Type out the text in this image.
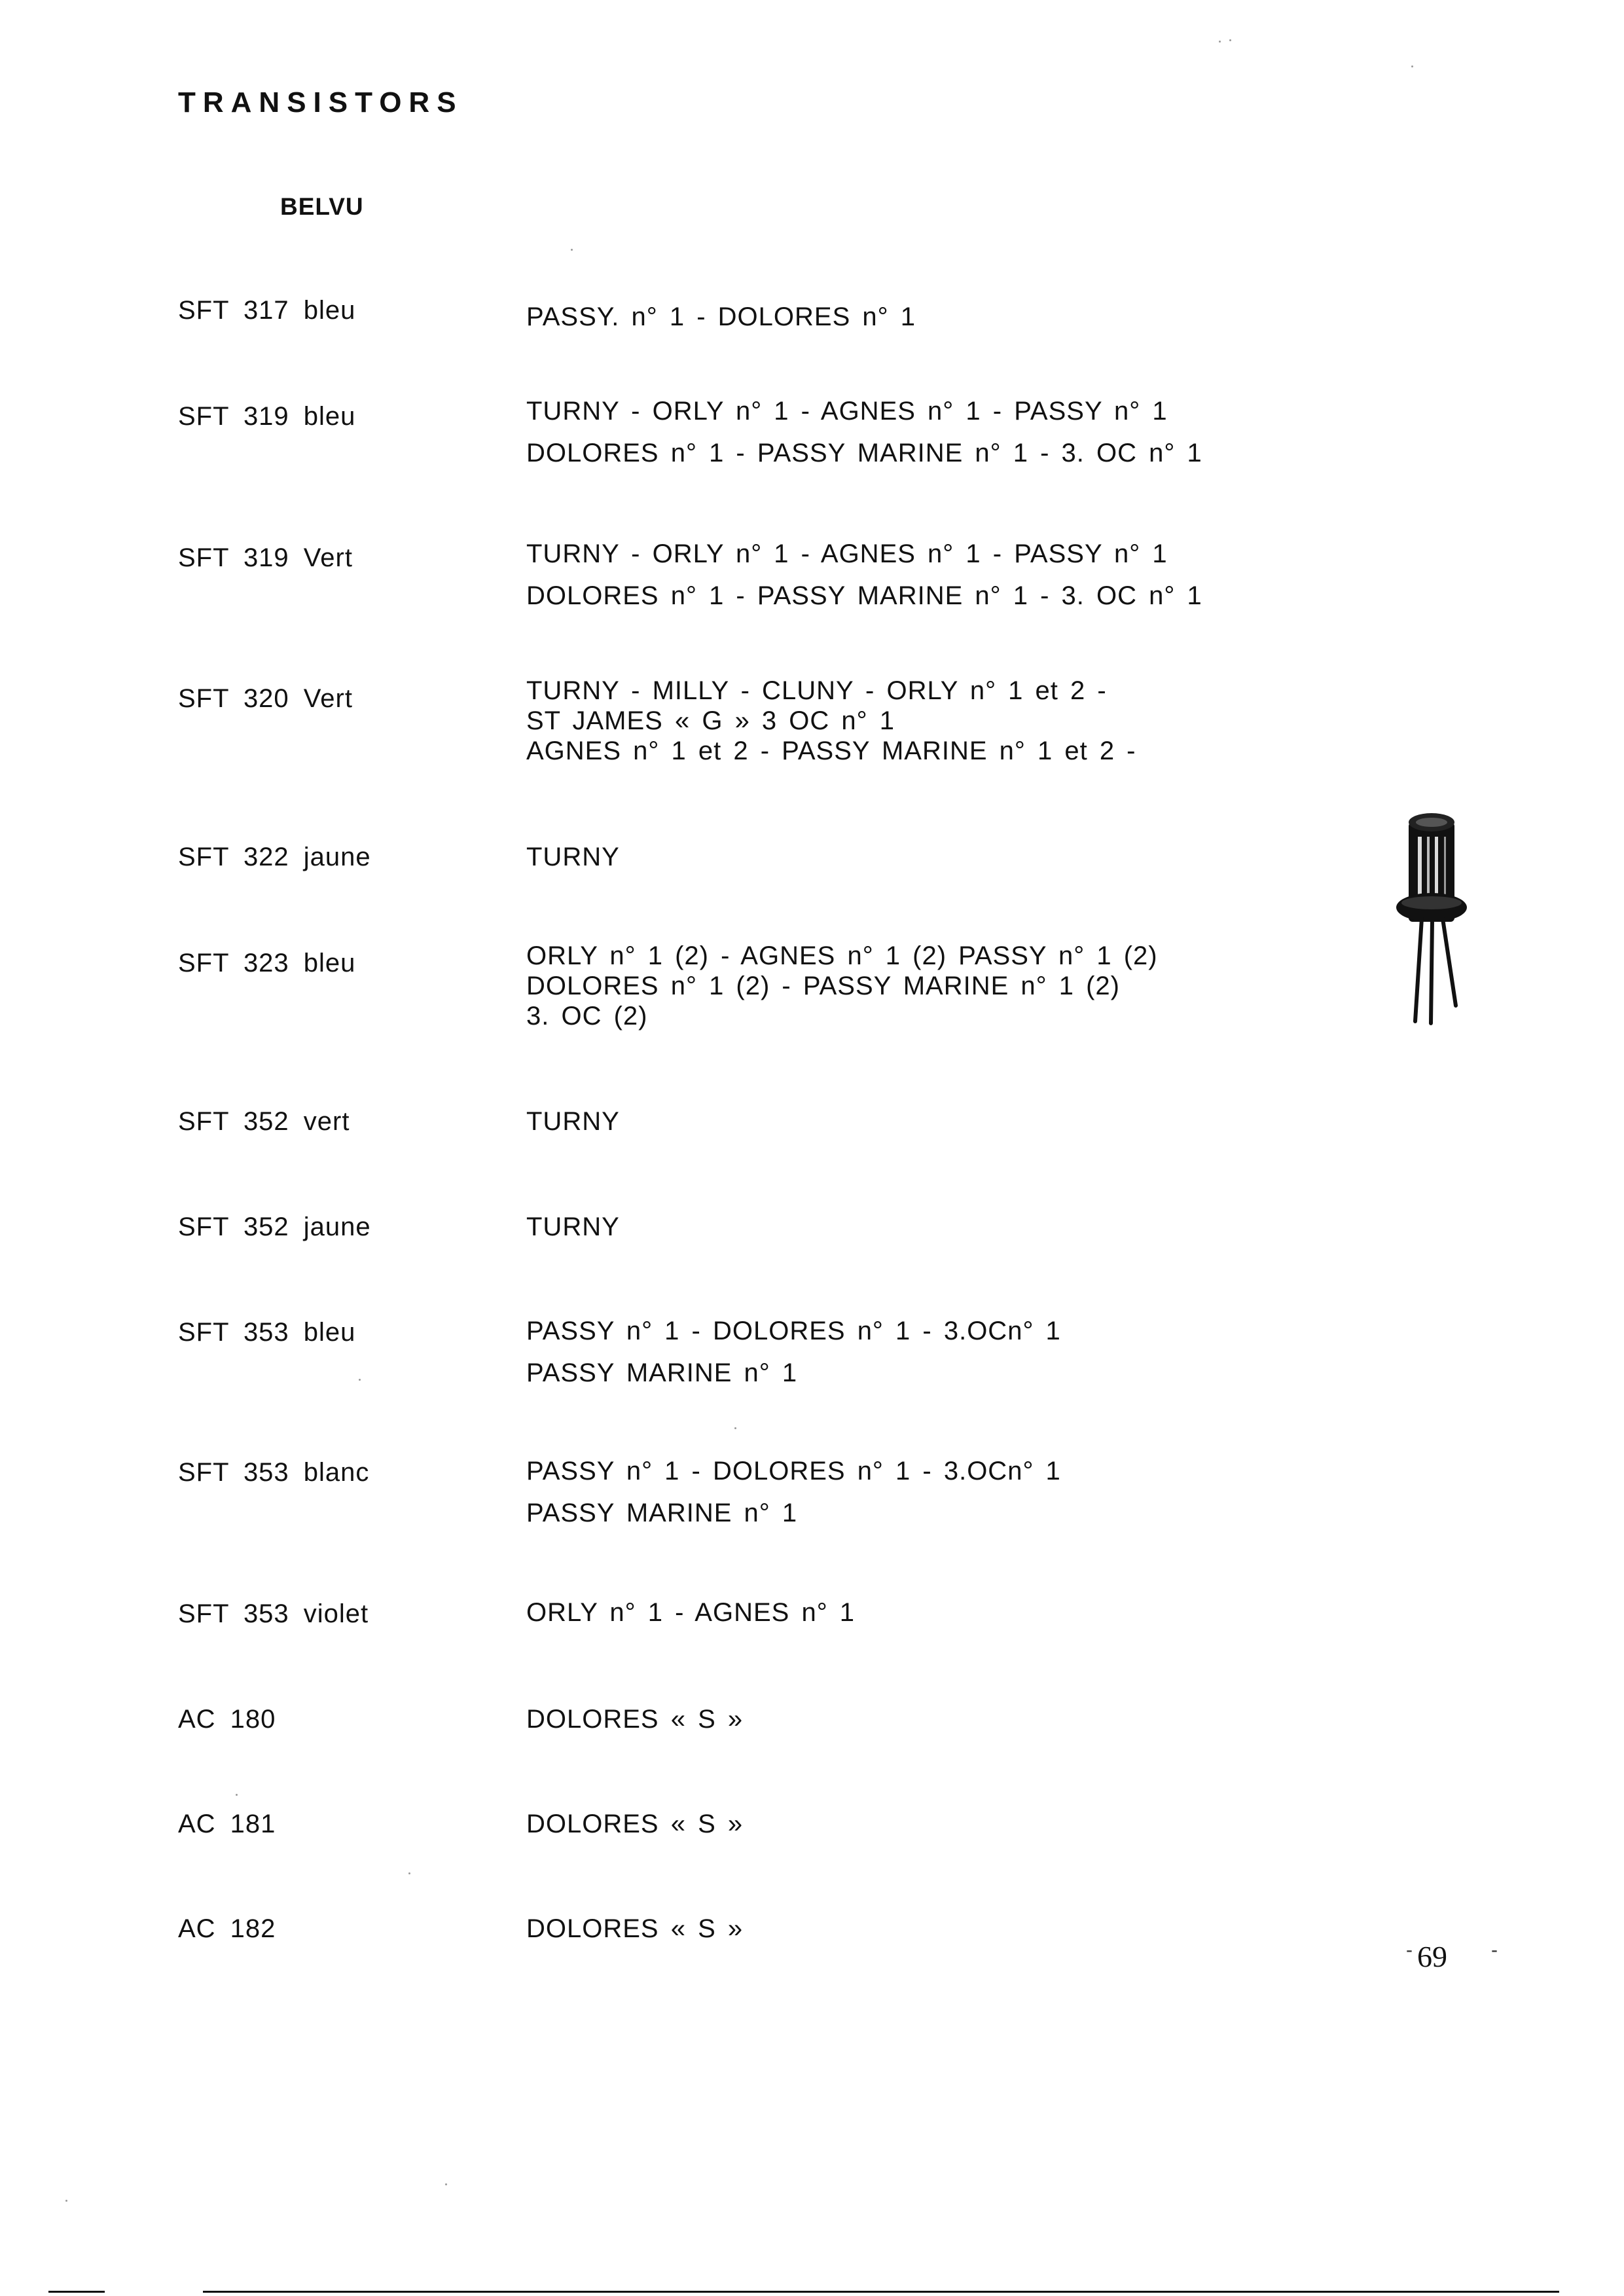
TRANSISTORS
BELVU
SFT 317 bleu	PASSY. n° 1 - DOLORES n° 1
SFT 319 bleu	TURNY - ORLY n° 1 - AGNES n° 1 - PASSY n° 1
DOLORES n° 1 - PASSY MARINE n° 1 - 3. OC n° 1
SFT 319 Vert	TURNY - ORLY n° 1 - AGNES n° 1 - PASSY n° 1
DOLORES n° 1 - PASSY MARINE n° 1 - 3. OC n° 1
SFT 320 Vert	TURNY - MILLY - CLUNY - ORLY n° 1 et 2 -
ST JAMES « G » 3 OC n° 1
AGNES n° 1 et 2 - PASSY MARINE n° 1 et 2 -
SFT 322 jaune	TURNY
SFT 323 bleu	ORLY n° 1 (2) - AGNES n° 1 (2) PASSY n° 1 (2)
DOLORES n° 1 (2) - PASSY MARINE n° 1 (2)
3. OC (2)
SFT 352 vert	TURNY
SFT 352 jaune	TURNY
SFT 353 bleu	PASSY n° 1 - DOLORES n° 1 - 3.OCn° 1
PASSY MARINE n° 1
SFT 353 blanc	PASSY n° 1 - DOLORES n° 1 - 3.OCn° 1
PASSY MARINE n° 1
SFT 353 violet	ORLY n° 1 - AGNES n° 1
AC 180	DOLORES « S »
AC 181	DOLORES « S »
AC 182	DOLORES « S »
- 69 -
